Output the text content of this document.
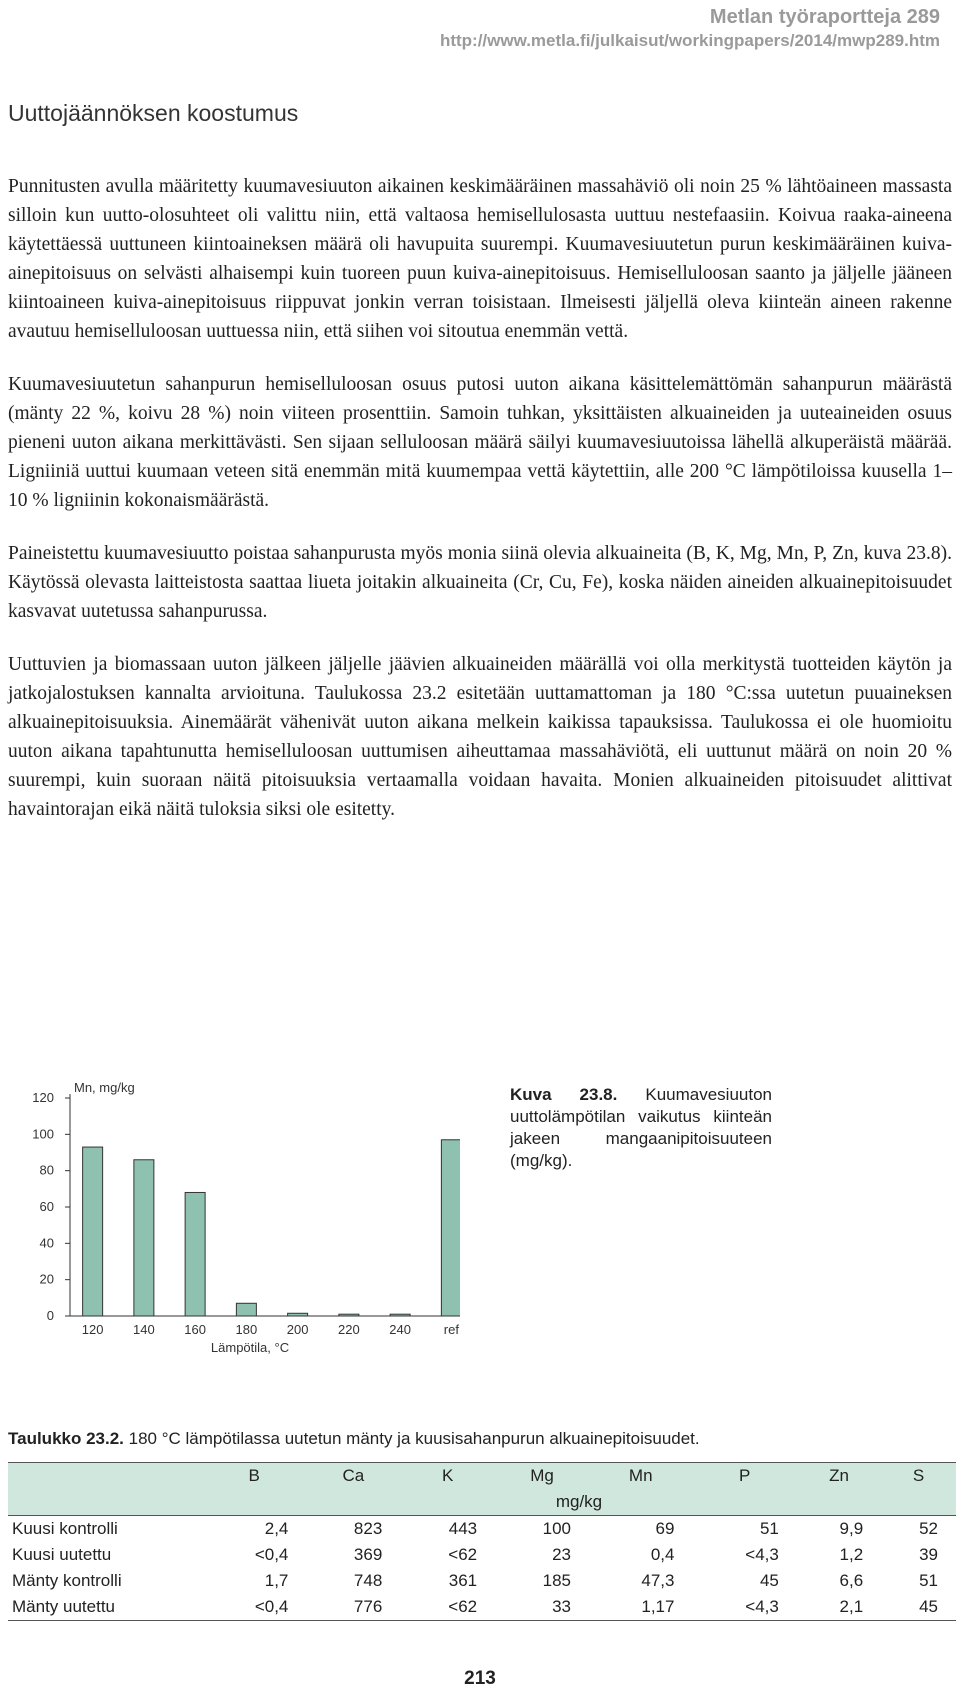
Metlan työraportteja 289
http://www.metla.fi/julkaisut/workingpapers/2014/mwp289.htm
Uuttojäännöksen koostumus

Punnitusten avulla määritetty kuumavesiuuton aikainen keskimääräinen massahäviö oli noin 25 % lähtöaineen massasta silloin kun uutto-olosuhteet oli valittu niin, että valtaosa hemisellulosasta uuttuu nestefaasiin. Koivua raaka-aineena käytettäessä uuttuneen kiintoaineksen määrä oli havupuita suurempi. Kuumavesiuutetun purun keskimääräinen kuiva-ainepitoisuus on selvästi alhaisempi kuin tuoreen puun kuiva-ainepitoisuus. Hemiselluloosan saanto ja jäljelle jääneen kiintoaineen kuiva-ainepitoisuus riippuvat jonkin verran toisistaan. Ilmeisesti jäljellä oleva kiinteän aineen rakenne avautuu hemiselluloosan uuttuessa niin, että siihen voi sitoutua enemmän vettä.

Kuumavesiuutetun sahanpurun hemiselluloosan osuus putosi uuton aikana käsittelemättömän sahanpurun määrästä (mänty 22 %, koivu 28 %) noin viiteen prosenttiin. Samoin tuhkan, yksittäisten alkuaineiden ja uuteaineiden osuus pieneni uuton aikana merkittävästi. Sen sijaan selluloosan määrä säilyi kuumavesiuutoissa lähellä alkuperäistä määrää. Ligniiniä uuttui kuumaan veteen sitä enemmän mitä kuumempaa vettä käytettiin, alle 200 °C lämpötiloissa kuusella 1–10 % ligniinin kokonaismäärästä.

Paineistettu kuumavesiuutto poistaa sahanpurusta myös monia siinä olevia alkuaineita (B, K, Mg, Mn, P, Zn, kuva 23.8). Käytössä olevasta laitteistosta saattaa liueta joitakin alkuaineita (Cr, Cu, Fe), koska näiden aineiden alkuainepitoisuudet kasvavat uutetussa sahanpurussa.

Uuttuvien ja biomassaan uuton jälkeen jäljelle jäävien alkuaineiden määrällä voi olla merkitystä tuotteiden käytön ja jatkojalostuksen kannalta arvioituna. Taulukossa 23.2 esitetään uuttamattoman ja 180 °C:ssa uutetun puuaineksen alkuainepitoisuuksia. Ainemäärät vähenivät uuton aikana melkein kaikissa tapauksissa. Taulukossa ei ole huomioitu uuton aikana tapahtunutta hemiselluloosan uuttumisen aiheuttamaa massahäviötä, eli uuttunut määrä on noin 20 % suurempi, kuin suoraan näitä pitoisuuksia vertaamalla voidaan havaita. Monien alkuaineiden pitoisuudet alittivat havaintorajan eikä näitä tuloksia siksi ole esitetty.

0
20
40
60
80
100
120
120 140 160 180 200 220 240	ref
Mn, mg/kg
Lämpötila, °C
Kuva 23.8. Kuumavesiuuton uuttolämpötilan vaikutus kiinteän jakeen mangaanipitoisuuteen (mg/kg).
Taulukko 23.2. 180 °C lämpötilassa uutetun mänty ja kuusisahanpurun alkuainepitoisuudet.
	B	Ca	K	Mg	Mn	P	Zn	S
	mg/kg							
Kuusi kontrolli	2,4	823	443	100	69	51	9,9	52
Kuusi uutettu	<0,4	369	<62	23	0,4	<4,3	1,2	39
Mänty kontrolli	1,7	748	361	185	47,3	45	6,6	51
Mänty uutettu	<0,4	776	<62	33	1,17	<4,3	2,1	45
213
